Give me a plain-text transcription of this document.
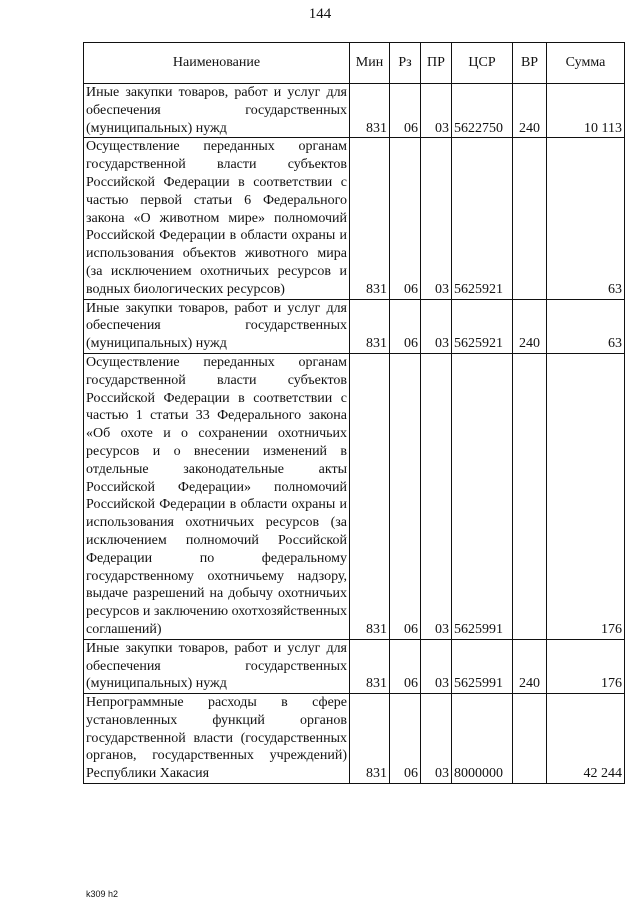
144
Наименование	Мин	Рз	ПР	ЦСР	ВР	Сумма
Иные закупки товаров, работ и услуг для обеспечения государственных (муниципальных) нужд	831	06	03	5622750	240	10 113
Осуществление переданных органам государственной власти субъектов Российской Федерации в соответствии с частью первой статьи 6 Федерального закона «О животном мире» полномочий Российской Федерации в области охраны и использования объектов животного мира (за исключением охотничьих ресурсов и водных биологических ресурсов)	831	06	03	5625921		63
Иные закупки товаров, работ и услуг для обеспечения государственных (муниципальных) нужд	831	06	03	5625921	240	63
Осуществление переданных органам государственной власти субъектов Российской Федерации в соответствии с частью 1 статьи 33 Федерального закона «Об охоте и о сохранении охотничьих ресурсов и о внесении изменений в отдельные законодательные акты Российской Федерации» полномочий Российской Федерации в области охраны и использования охотничьих ресурсов (за исключением полномочий Российской Федерации по федеральному государственному охотничьему надзору, выдаче разрешений на добычу охотничьих ресурсов и заключению охотхозяйственных соглашений)	831	06	03	5625991		176
Иные закупки товаров, работ и услуг для обеспечения государственных (муниципальных) нужд	831	06	03	5625991	240	176
Непрограммные расходы в сфере установленных функций органов государственной власти (государственных органов, государственных учреждений) Республики Хакасия	831	06	03	8000000		42 244
k309 h2
